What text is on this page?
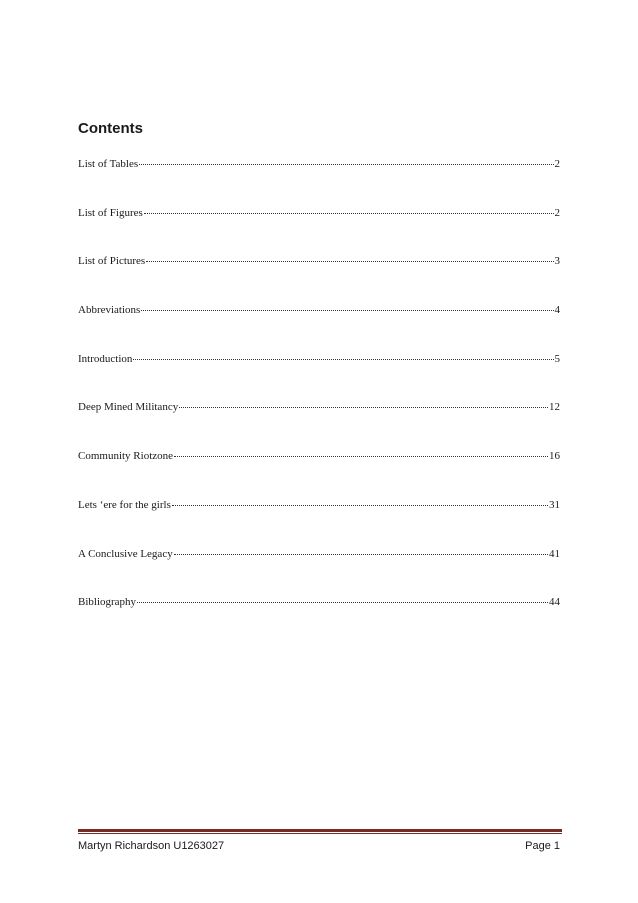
Contents
List of Tables	2
List of Figures	2
List of Pictures	3
Abbreviations	4
Introduction	5
Deep Mined Militancy	12
Community Riotzone	16
Lets ‘ere for the girls	31
A Conclusive Legacy	41
Bibliography	44
Martyn Richardson U1263027	Page 1
